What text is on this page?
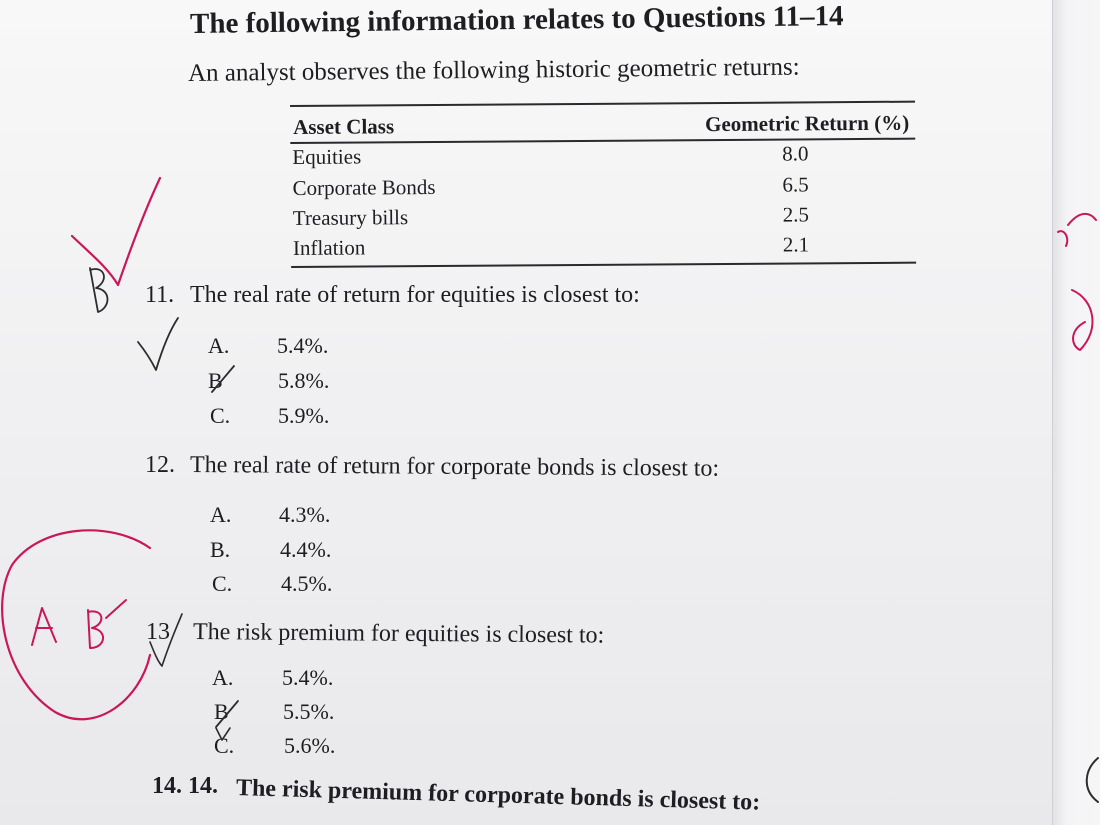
The following information relates to Questions 11–14
An analyst observes the following historic geometric returns:
Asset Class	Geometric Return (%)
Equities	8.0
Corporate Bonds	6.5
Treasury bills	2.5
Inflation	2.1
11. The real rate of return for equities is closest to:
A. 5.4%.
B	5.8%.
C. 5.9%.
12. The real rate of return for corporate bonds is closest to:
A. 4.3%.
B. 4.4%.
C. 4.5%.
13 The risk premium for equities is closest to:
A. 5.4%.
B 5.5%.
C. 5.6%.
14. 14. The risk premium for corporate bonds is closest to:
